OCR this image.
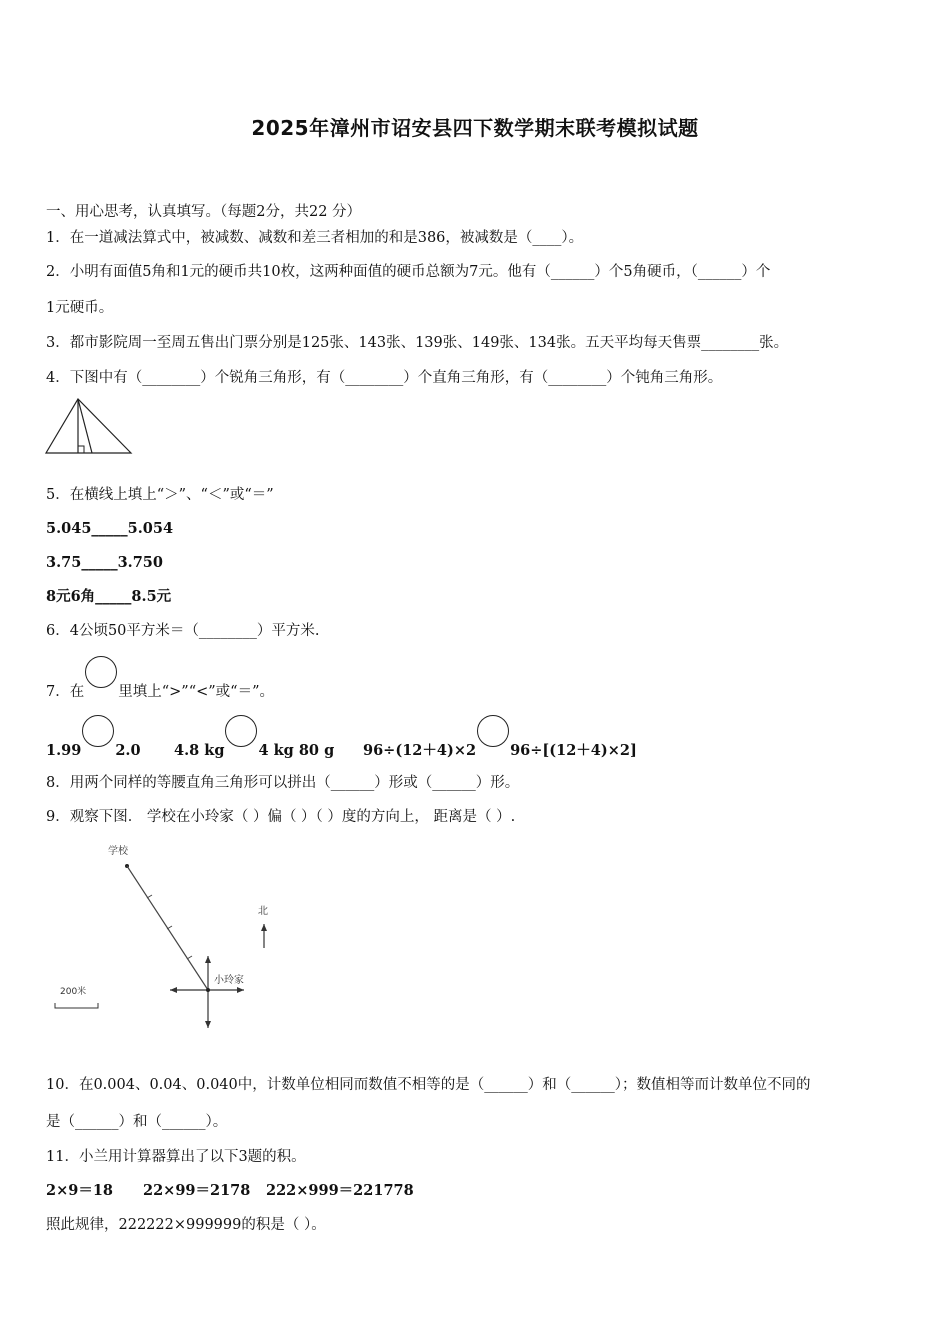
2025年漳州市诏安县四下数学期末联考模拟试题
一、用心思考，认真填写。（每题2分，共22 分）
1．在一道减法算式中，被减数、减数和差三者相加的和是386，被减数是（____）。
2．小明有面值5角和1元的硬币共10枚，这两种面值的硬币总额为7元。他有（______）个5角硬币，（______）个
1元硬币。
3．都市影院周一至周五售出门票分别是125张、143张、139张、149张、134张。五天平均每天售票________张。
4．下图中有（________）个锐角三角形，有（________）个直角三角形，有（________）个钝角三角形。
5．在横线上填上“＞”、“＜”或“＝”
5.045_____5.054
3.75_____3.750
8元6角_____8.5元
6．4公顷50平方米＝（________）平方米.
7．在 里填上“>”“<”或“＝”。
1.99 2.0 4.8 kg 4 kg 80 g 96÷(12＋4)×2 96÷[(12＋4)×2]
8．用两个同样的等腰直角三角形可以拼出（______）形或（______）形。
9．观察下图． 学校在小玲家（ ）偏（ ）（ ）度的方向上， 距离是（ ）.
学校
小玲家
北
200米
10．在0.004、0.04、0.040中，计数单位相同而数值不相等的是（______）和（______）；数值相等而计数单位不同的
是（______）和（______）。
11．小兰用计算器算出了以下3题的积。
2×9＝18 22×99＝2178 222×999＝221778
照此规律，222222×999999的积是（ ）。
